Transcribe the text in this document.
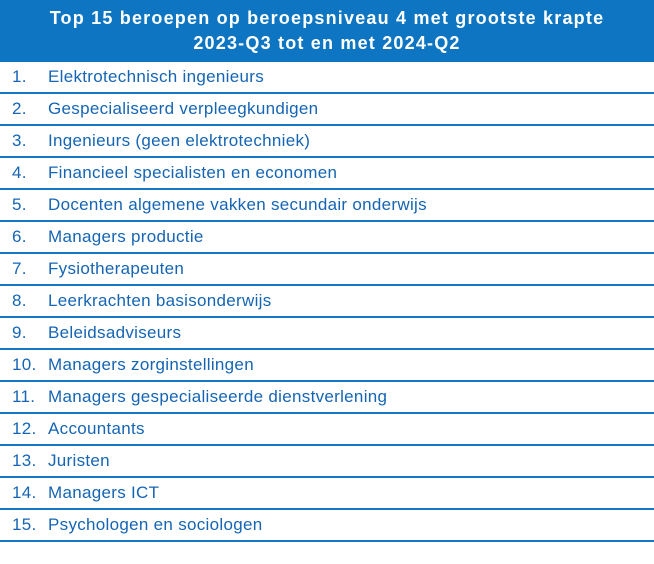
Top 15 beroepen op beroepsniveau 4 met grootste krapte
2023-Q3 tot en met 2024-Q2
1.	Elektrotechnisch ingenieurs
2.	Gespecialiseerd verpleegkundigen
3.	Ingenieurs (geen elektrotechniek)
4.	Financieel specialisten en economen
5.	Docenten algemene vakken secundair onderwijs
6.	Managers productie
7.	Fysiotherapeuten
8.	Leerkrachten basisonderwijs
9.	Beleidsadviseurs
10. Managers zorginstellingen
11. Managers gespecialiseerde dienstverlening
12. Accountants
13. Juristen
14. Managers ICT
15. Psychologen en sociologen
